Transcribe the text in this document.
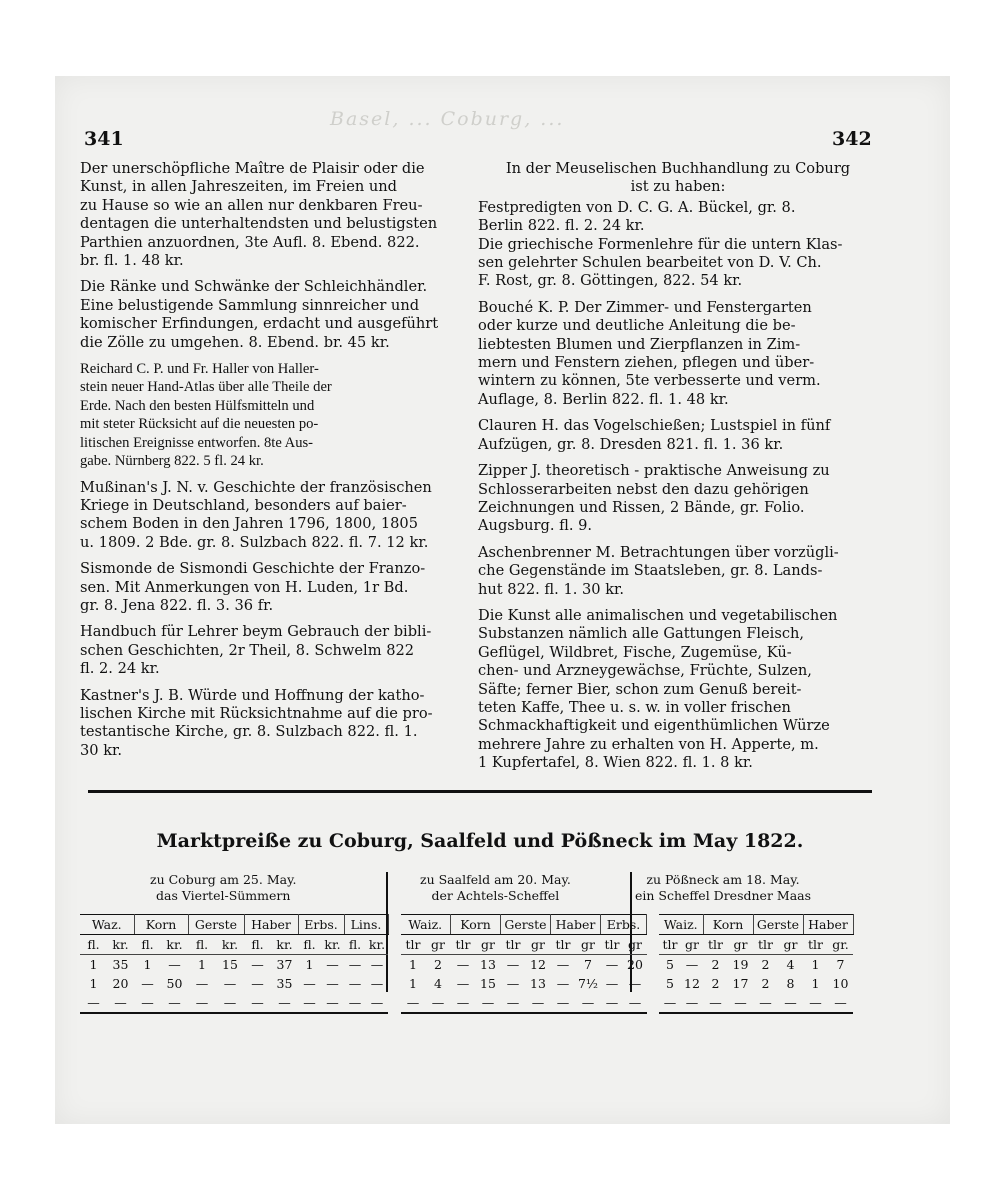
Basel, ... Coburg, ...
341	342

Der unerschöpfliche Maître de Plaisir oder die

Kunst, in allen Jahreszeiten, im Freien und

zu Hause so wie an allen nur denkbaren Freu-

dentagen die unterhaltendsten und belustigsten

Parthien anzuordnen, 3te Aufl. 8. Ebend. 822.

br. fl. 1. 48 kr.

Die Ränke und Schwänke der Schleichhändler.

Eine belustigende Sammlung sinnreicher und

komischer Erfindungen, erdacht und ausgeführt

die Zölle zu umgehen. 8. Ebend. br. 45 kr.

Reichard C. P. und Fr. Haller von Haller-

stein neuer Hand-Atlas über alle Theile der

Erde. Nach den besten Hülfsmitteln und

mit steter Rücksicht auf die neuesten po-

litischen Ereignisse entworfen. 8te Aus-

gabe. Nürnberg 822. 5 fl. 24 kr.

Mußinan's J. N. v. Geschichte der französischen

Kriege in Deutschland, besonders auf baier-

schem Boden in den Jahren 1796, 1800, 1805

u. 1809. 2 Bde. gr. 8. Sulzbach 822. fl. 7. 12 kr.

Sismonde de Sismondi Geschichte der Franzo-

sen. Mit Anmerkungen von H. Luden, 1r Bd.

gr. 8. Jena 822. fl. 3. 36 fr.

Handbuch für Lehrer beym Gebrauch der bibli-

schen Geschichten, 2r Theil, 8. Schwelm 822

fl. 2. 24 kr.

Kastner's J. B. Würde und Hoffnung der katho-

lischen Kirche mit Rücksichtnahme auf die pro-

testantische Kirche, gr. 8. Sulzbach 822. fl. 1.

30 kr.

In der Meuselischen Buchhandlung zu Coburg

ist zu haben:

Festpredigten von D. C. G. A. Bückel, gr. 8.

Berlin 822. fl. 2. 24 kr.

Die griechische Formenlehre für die untern Klas-

sen gelehrter Schulen bearbeitet von D. V. Ch.

F. Rost, gr. 8. Göttingen, 822. 54 kr.

Bouché K. P. Der Zimmer- und Fenstergarten

oder kurze und deutliche Anleitung die be-

liebtesten Blumen und Zierpflanzen in Zim-

mern und Fenstern ziehen, pflegen und über-

wintern zu können, 5te verbesserte und verm.

Auflage, 8. Berlin 822. fl. 1. 48 kr.

Clauren H. das Vogelschießen; Lustspiel in fünf

Aufzügen, gr. 8. Dresden 821. fl. 1. 36 kr.

Zipper J. theoretisch - praktische Anweisung zu

Schlosserarbeiten nebst den dazu gehörigen

Zeichnungen und Rissen, 2 Bände, gr. Folio.

Augsburg. fl. 9.

Aschenbrenner M. Betrachtungen über vorzügli-

che Gegenstände im Staatsleben, gr. 8. Lands-

hut 822. fl. 1. 30 kr.

Die Kunst alle animalischen und vegetabilischen

Substanzen nämlich alle Gattungen Fleisch,

Geflügel, Wildbret, Fische, Zugemüse, Kü-

chen- und Arzneygewächse, Früchte, Sulzen,

Säfte; ferner Bier, schon zum Genuß bereit-

teten Kaffe, Thee u. s. w. in voller frischen

Schmackhaftigkeit und eigenthümlichen Würze

mehrere Jahre zu erhalten von H. Apperte, m.

1 Kupfertafel, 8. Wien 822. fl. 1. 8 kr.

Marktpreiße zu Coburg, Saalfeld und Pößneck im May 1822.
zu Coburg am 25. May.
das Viertel-Sümmern
zu Saalfeld am 20. May.
der Achtels-Scheffel
zu Pößneck am 18. May.
ein Scheffel Dresdner Maas
Waz.		Korn		Gerste		Haber		Erbs.		Lins.			Waiz.		Korn		Gerste		Haber		Erbs.			Waiz.		Korn		Gerste		Haber	
fl.	kr.	fl.	kr.	fl.	kr.	fl.	kr.	fl.	kr.	fl.	kr.		tlr	gr	tlr	gr	tlr	gr	tlr	gr	tlr	gr		tlr	gr	tlr	gr	tlr	gr	tlr	gr.
1	35	1	—	1	15	—	37	1	—	—	—		1	2	—	13	—	12	—	7	—	20		5	—	2	19	2	4	1	7
1	20	—	50	—	—	—	35	—	—	—	—		1	4	—	15	—	13	—	7½	—	—		5	12	2	17	2	8	1	10
—	—	—	—	—	—	—	—	—	—	—	—		—	—	—	—	—	—	—	—	—	—		—	—	—	—	—	—	—	—
